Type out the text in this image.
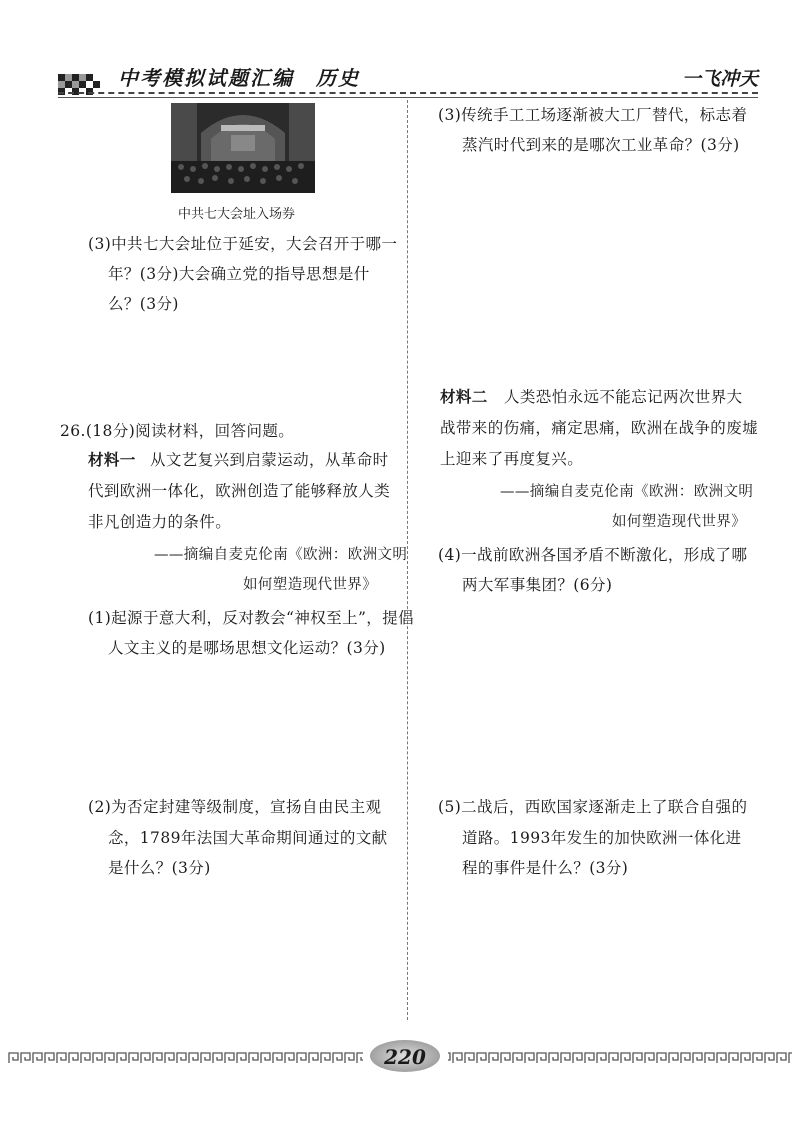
中考模拟试题汇编　历史	一飞冲天
中共七大会址入场券
(3)中共七大会址位于延安，大会召开于哪一
年？(3分)大会确立党的指导思想是什
么？(3分)
26.(18分)阅读材料，回答问题。
材料一 从文艺复兴到启蒙运动，从革命时
代到欧洲一体化，欧洲创造了能够释放人类
非凡创造力的条件。
——摘编自麦克伦南《欧洲：欧洲文明
如何塑造现代世界》
(1)起源于意大利，反对教会“神权至上”，提倡
人文主义的是哪场思想文化运动？(3分)
(2)为否定封建等级制度，宣扬自由民主观
念，1789年法国大革命期间通过的文献
是什么？(3分)
(3)传统手工工场逐渐被大工厂替代，标志着
蒸汽时代到来的是哪次工业革命？(3分)
材料二 人类恐怕永远不能忘记两次世界大
战带来的伤痛，痛定思痛，欧洲在战争的废墟
上迎来了再度复兴。
——摘编自麦克伦南《欧洲：欧洲文明
如何塑造现代世界》
(4)一战前欧洲各国矛盾不断激化，形成了哪
两大军事集团？(6分)
(5)二战后，西欧国家逐渐走上了联合自强的
道路。1993年发生的加快欧洲一体化进
程的事件是什么？(3分)
220
